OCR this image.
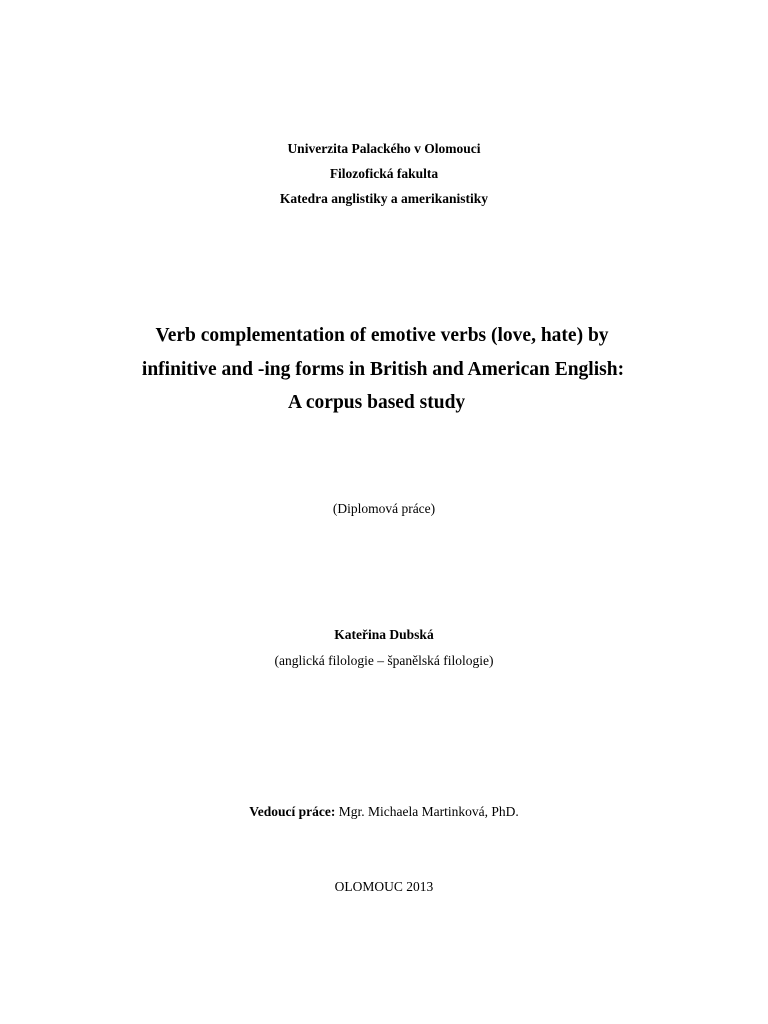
Univerzita Palackého v Olomouci
Filozofická fakulta
Katedra anglistiky a amerikanistiky
Verb complementation of emotive verbs (love, hate) by
infinitive and -ing forms in British and American English:
A corpus based study
(Diplomová práce)
Kateřina Dubská
(anglická filologie – španělská filologie)
Vedoucí práce: Mgr. Michaela Martinková, PhD.
OLOMOUC 2013
